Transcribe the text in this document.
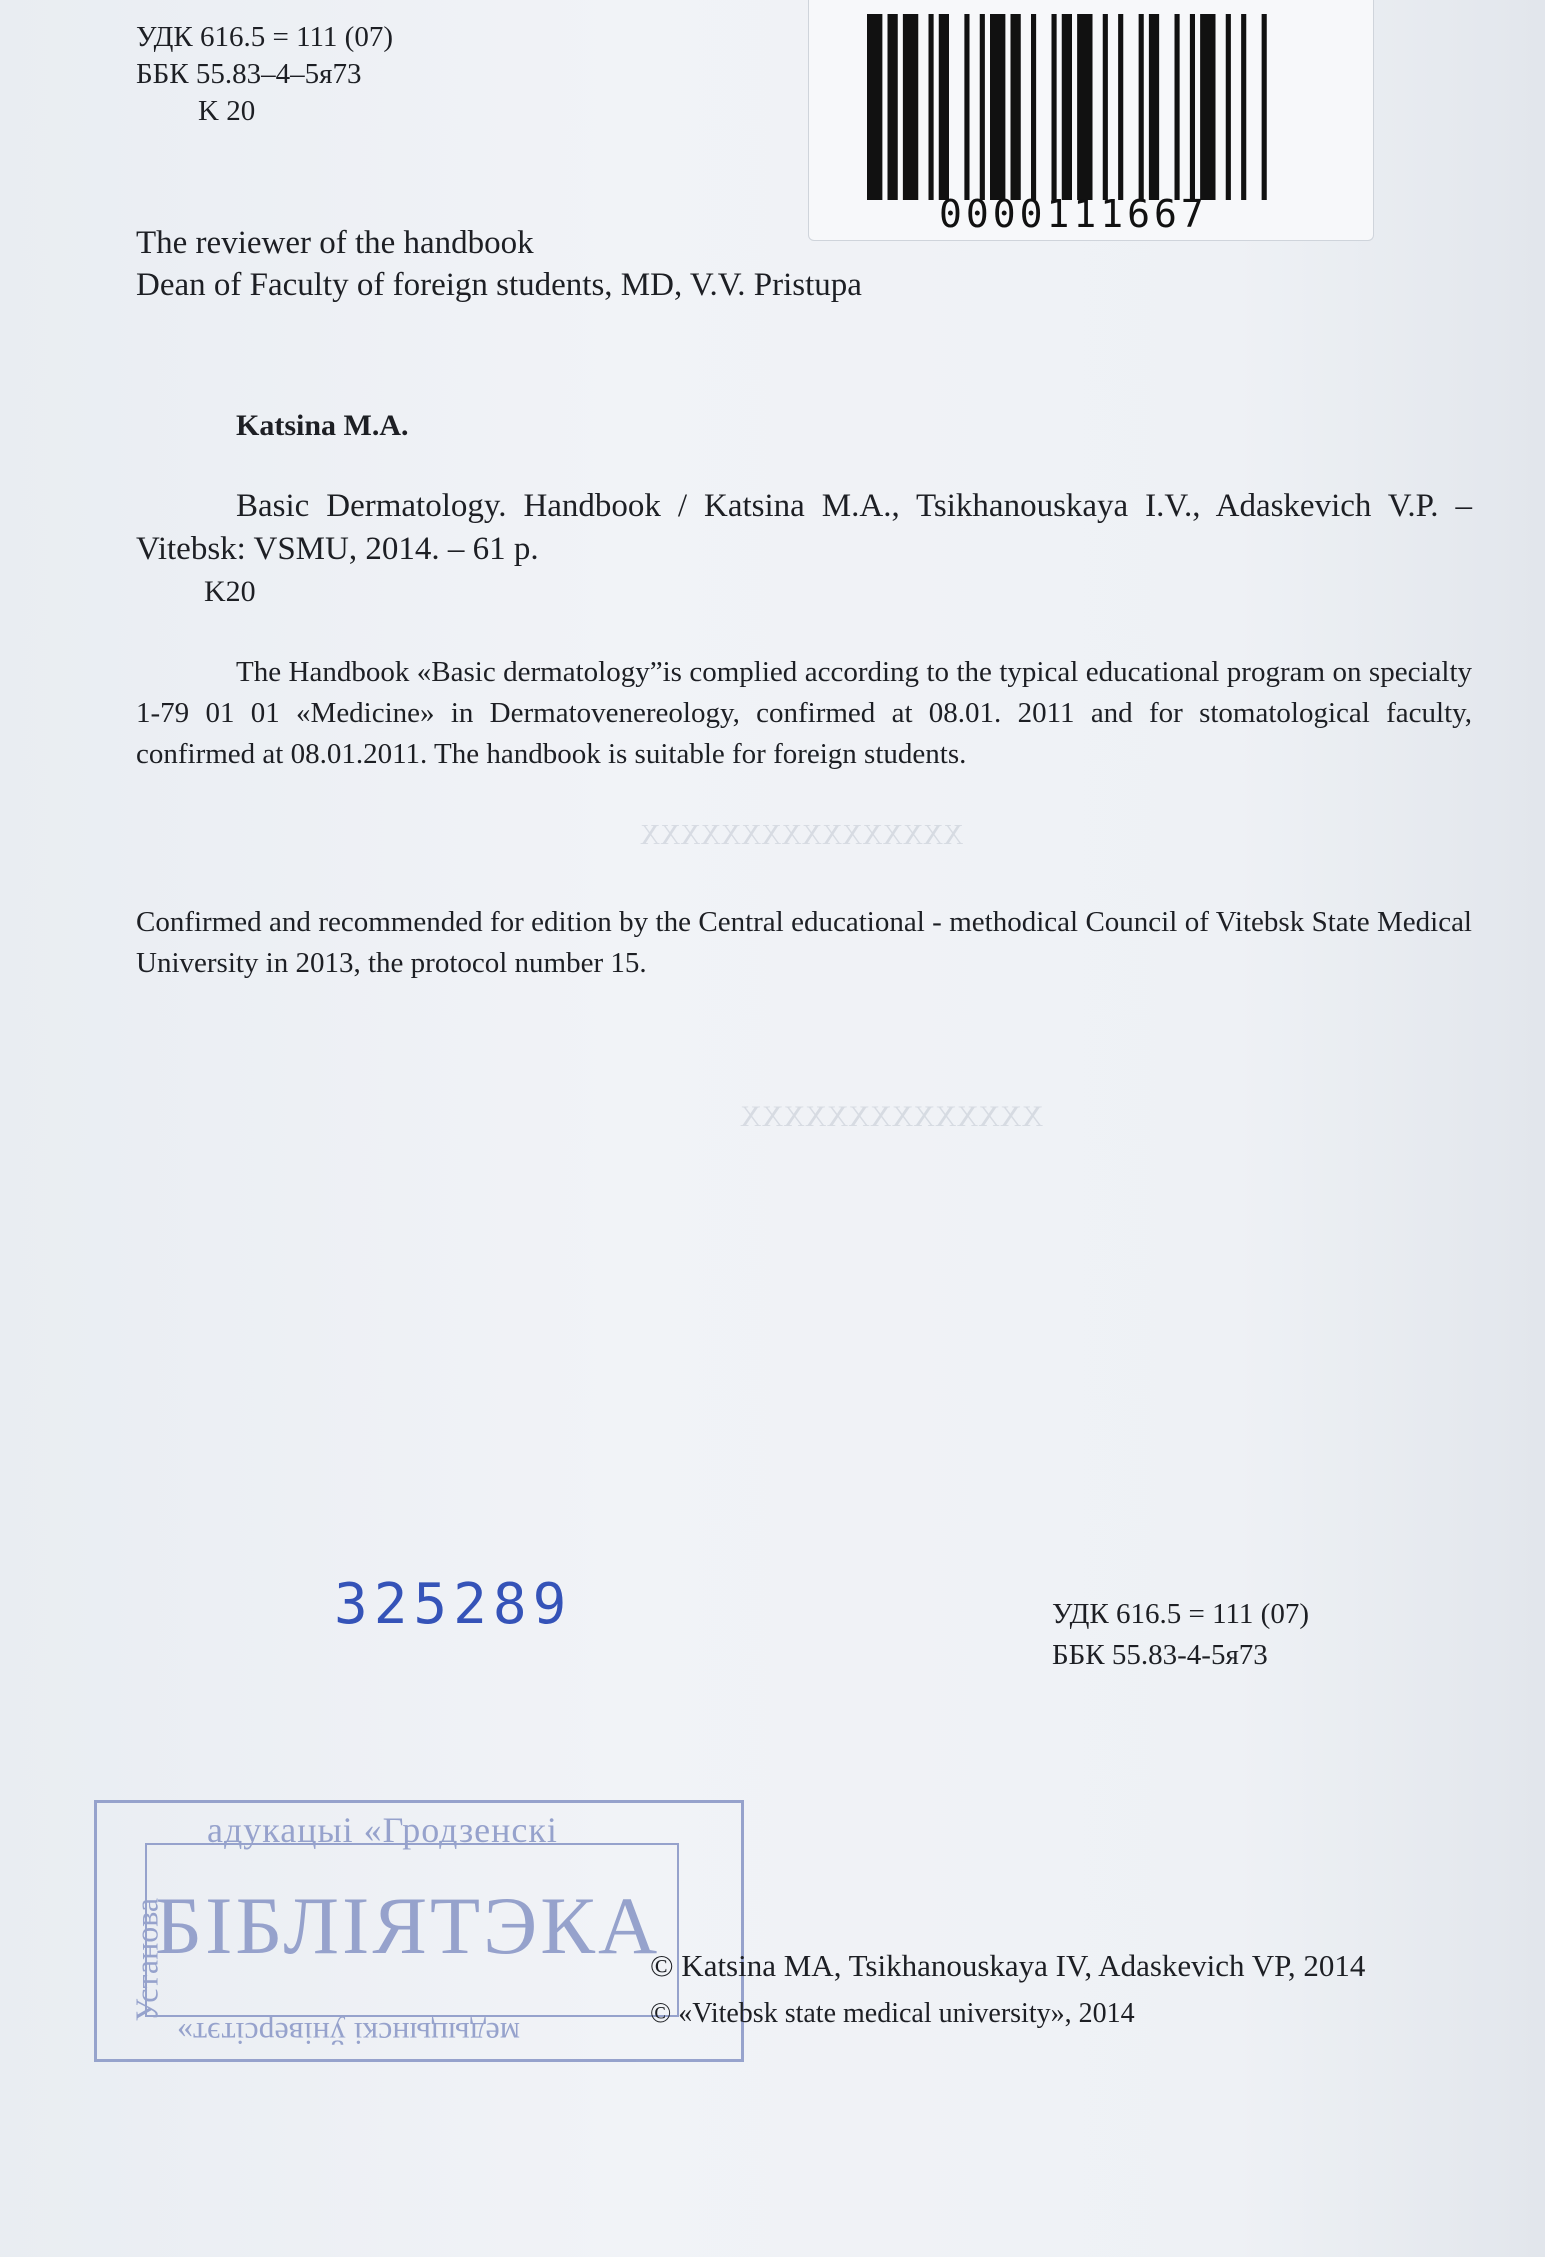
XXXXXXXXXXXXXXXX
XXXXXXXXXXXXXX
УДК 616.5 = 111 (07)
ББК 55.83–4–5я73
K 20
0000111667
The reviewer of the handbook
Dean of Faculty of foreign students, MD, V.V. Pristupa
Katsina M.A.
Basic Dermatology. Handbook / Katsina M.A., Tsikhanouskaya I.V., Adaskevich V.P. – Vitebsk: VSMU, 2014. – 61 p.
K20
The Handbook «Basic dermatology”is complied according to the typical educational program on specialty 1-79 01 01 «Medicine» in Dermatovenereology, confirmed at 08.01. 2011 and for stomatological faculty, confirmed at 08.01.2011. The handbook is suitable for foreign students.
Confirmed and recommended for edition by the Central educational - methodical Council of Vitebsk State Medical University in 2013, the protocol number 15.
325289	УДК 616.5 = 111 (07)
ББК 55.83-4-5я73
адукацыі «Гродзенскі
БІБЛІЯТЭКА
медыцынскі ўніверсітэт»
Установа	© Katsina MA, Tsikhanouskaya IV, Adaskevich VP, 2014
© «Vitebsk state medical university», 2014
